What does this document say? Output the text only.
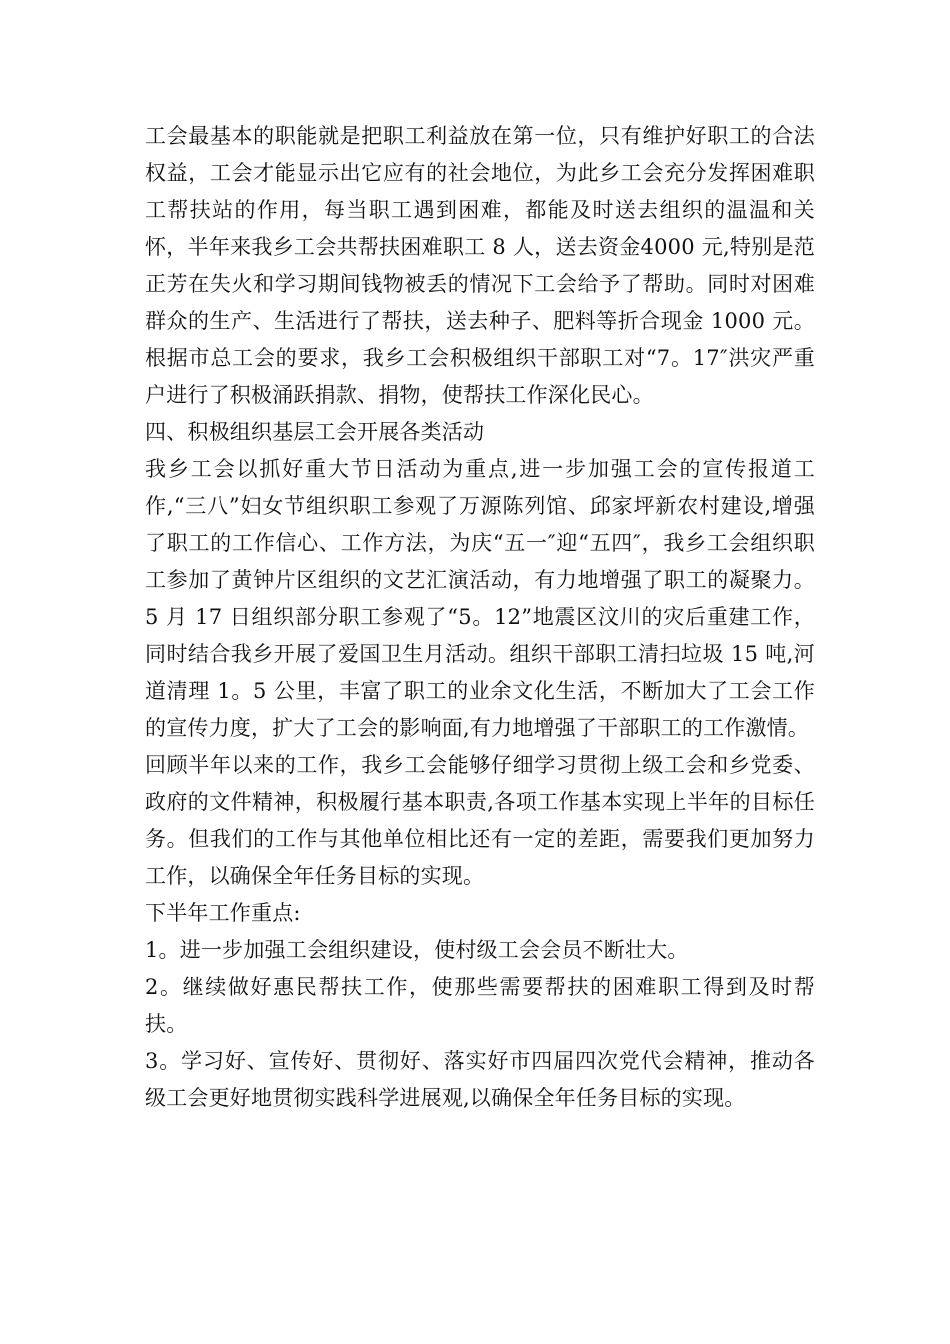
工会最基本的职能就是把职工利益放在第一位，只有维护好职工的合法权益，工会才能显示出它应有的社会地位，为此乡工会充分发挥困难职工帮扶站的作用，每当职工遇到困难，都能及时送去组织的温温和关怀，半年来我乡工会共帮扶困难职工 8 人，送去资金4000 元,特别是范正芳在失火和学习期间钱物被丢的情况下工会给予了帮助。同时对困难群众的生产、生活进行了帮扶，送去种子、肥料等折合现金 1000 元。根据市总工会的要求，我乡工会积极组织干部职工对“7。17″洪灾严重户进行了积极涌跃捐款、捐物，使帮扶工作深化民心。

四、积极组织基层工会开展各类活动

我乡工会以抓好重大节日活动为重点,进一步加强工会的宣传报道工作,“三八”妇女节组织职工参观了万源陈列馆、邱家坪新农村建设,增强了职工的工作信心、工作方法，为庆“五一″迎“五四″，我乡工会组织职工参加了黄钟片区组织的文艺汇演活动，有力地增强了职工的凝聚力。5 月 17 日组织部分职工参观了“5。12”地震区汶川的灾后重建工作，同时结合我乡开展了爱国卫生月活动。组织干部职工清扫垃圾 15 吨,河道清理 1。5 公里，丰富了职工的业余文化生活，不断加大了工会工作的宣传力度，扩大了工会的影响面,有力地增强了干部职工的工作激情。

回顾半年以来的工作，我乡工会能够仔细学习贯彻上级工会和乡党委、政府的文件精神，积极履行基本职责,各项工作基本实现上半年的目标任务。但我们的工作与其他单位相比还有一定的差距，需要我们更加努力工作，以确保全年任务目标的实现。

下半年工作重点:

1。进一步加强工会组织建设，使村级工会会员不断壮大。

2。继续做好惠民帮扶工作，使那些需要帮扶的困难职工得到及时帮扶。

3。学习好、宣传好、贯彻好、落实好市四届四次党代会精神，推动各级工会更好地贯彻实践科学进展观,以确保全年任务目标的实现。
